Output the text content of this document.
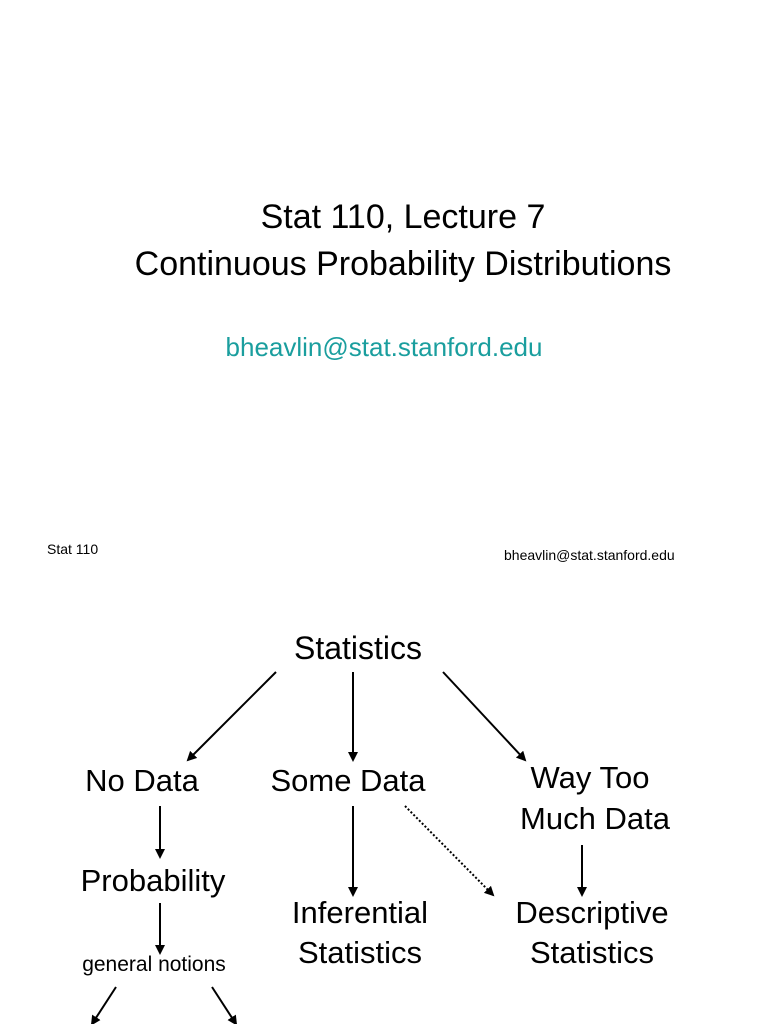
Stat 110, Lecture 7
Continuous Probability Distributions
bheavlin@stat.stanford.edu
Stat 110	bheavlin@stat.stanford.edu
Statistics
No Data	Some Data	Way Too
Much Data
Probability
Inferential
Statistics
Descriptive
Statistics
general notions
